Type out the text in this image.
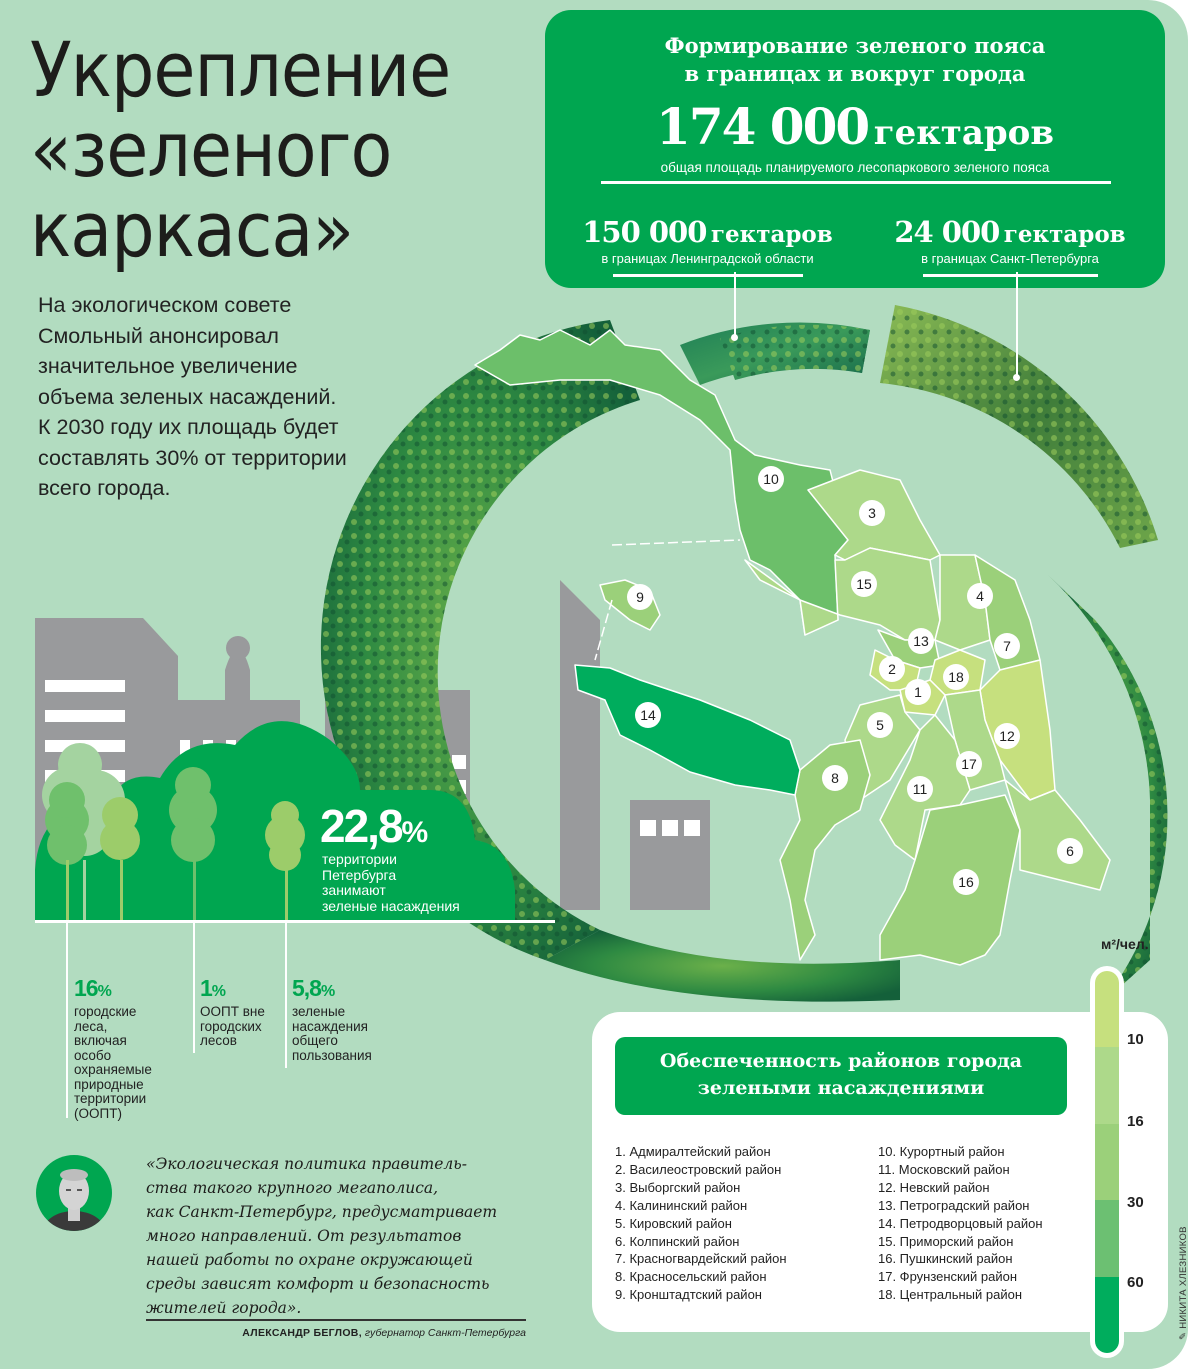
1
2
3
4
5
6
7
8
9
10
11
12
13
14
15
16
17
18
Укрепление
«зеленого
каркаса»

На экологическом совете
Смольный анонсировал
значительное увеличение
объема зеленых насаждений.
К 2030 году их площадь будет
составлять 30% от территории
всего города.

Формирование зеленого пояса
в границах и вокруг города
174 000 гектаров
общая площадь планируемого лесопаркового зеленого пояса
150 000 гектаров
в границах Ленинградской области
24 000 гектаров
в границах Санкт-Петербурга
22,8%
территории
Петербурга
занимают
зеленые насаждения
16%
городские
леса,
включая
особо
охраняемые
природные
территории
(ООПТ)
1%
ООПТ вне
городских
лесов
5,8%
зеленые
насаждения
общего
пользования
«Экологическая политика правитель-
ства такого крупного мегаполиса,
как Санкт-Петербург, предусматривает
много направлений. От результатов
нашей работы по охране окружающей
среды зависят комфорт и безопасность
жителей города».
АЛЕКСАНДР БЕГЛОВ, губернатор Санкт-Петербурга
Обеспеченность районов города
зелеными насаждениями
1. Адмиралтейский район
2. Василеостровский район
3. Выборгский район
4. Калининский район
5. Кировский район
6. Колпинский район
7. Красногвардейский район
8. Красносельский район
9. Кронштадтский район
10. Курортный район
11. Московский район
12. Невский район
13. Петроградский район
14. Петродворцовый район
15. Приморский район
16. Пушкинский район
17. Фрунзенский район
18. Центральный район
м²/чел.
10
16
30
60
✎ НИКИТА ХЛЕЗНИКОВ
